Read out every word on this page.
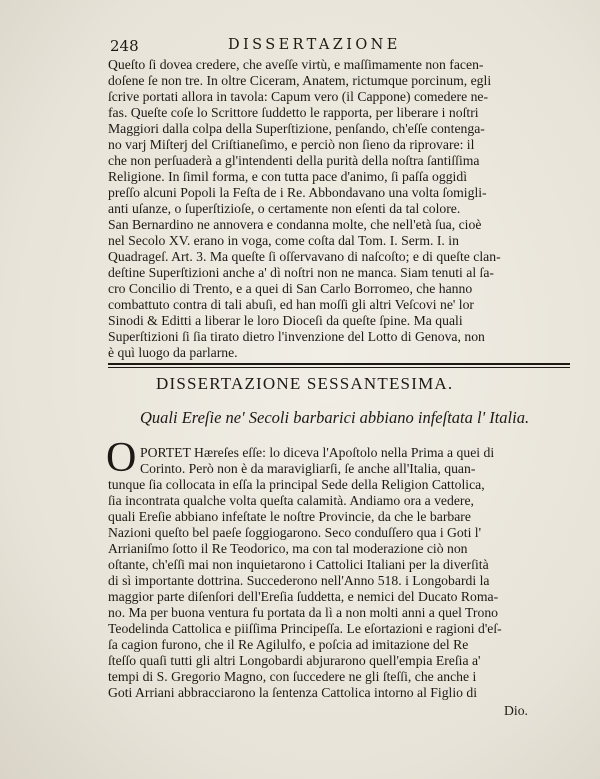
248	DISSERTAZIONE
Queſto ſi dovea credere, che aveſſe virtù, e maſſimamente non facen-
doſene ſe non tre. In oltre Ciceram, Anatem, rictumque porcinum, egli
ſcrive portati allora in tavola: Capum vero (il Cappone) comedere ne-
fas. Queſte coſe lo Scrittore ſuddetto le rapporta, per liberare i noſtri
Maggiori dalla colpa della Superſtizione, penſando, ch'eſſe contenga-
no varj Miſterj del Criſtianeſimo, e perciò non ſieno da riprovare: il
che non perſuaderà a gl'intendenti della purità della noſtra ſantiſſima
Religione. In ſimil forma, e con tutta pace d'animo, ſi paſſa oggidì
preſſo alcuni Popoli la Feſta de i Re. Abbondavano una volta ſomigli-
anti uſanze, o ſuperſtizioſe, o certamente non eſenti da tal colore.
San Bernardino ne annovera e condanna molte, che nell'età ſua, cioè
nel Secolo XV. erano in voga, come coſta dal Tom. I. Serm. I. in
Quadrageſ. Art. 3. Ma queſte ſi oſſervavano di naſcoſto; e di queſte clan-
deſtine Superſtizioni anche a' dì noſtri non ne manca. Siam tenuti al ſa-
cro Concilio di Trento, e a quei di San Carlo Borromeo, che hanno
combattuto contra di tali abuſi, ed han moſſi gli altri Veſcovi ne' lor
Sinodi & Editti a liberar le loro Dioceſi da queſte ſpine. Ma quali
Superſtizioni ſi ſia tirato dietro l'invenzione del Lotto di Genova, non
è quì luogo da parlarne.
DISSERTAZIONE SESSANTESIMA.
Quali Ereſie ne' Secoli barbarici abbiano infeſtata l' Italia.
O PORTET Hæreſes eſſe: lo diceva l'Apoſtolo nella Prima a quei di
Corinto. Però non è da maravigliarſi, ſe anche all'Italia, quan-
tunque ſia collocata in eſſa la principal Sede della Religion Cattolica,
ſia incontrata qualche volta queſta calamità. Andiamo ora a vedere,
quali Ereſie abbiano infeſtate le noſtre Provincie, da che le barbare
Nazioni queſto bel paeſe ſoggiogarono. Seco conduſſero qua i Goti l'
Arrianiſmo ſotto il Re Teodorico, ma con tal moderazione ciò non
oſtante, ch'eſſi mai non inquietarono i Cattolici Italiani per la diverſità
di sì importante dottrina. Succederono nell'Anno 518. i Longobardi la
maggior parte diſenſori dell'Ereſia ſuddetta, e nemici del Ducato Roma-
no. Ma per buona ventura fu portata da lì a non molti anni a quel Trono
Teodelinda Cattolica e piiſſima Principeſſa. Le eſortazioni e ragioni d'eſ-
ſa cagion furono, che il Re Agilulfo, e poſcia ad imitazione del Re
ſteſſo quaſi tutti gli altri Longobardi abjurarono quell'empia Ereſia a'
tempi di S. Gregorio Magno, con ſuccedere ne gli ſteſſi, che anche i
Goti Arriani abbracciarono la ſentenza Cattolica intorno al Figlio di
Dio.
